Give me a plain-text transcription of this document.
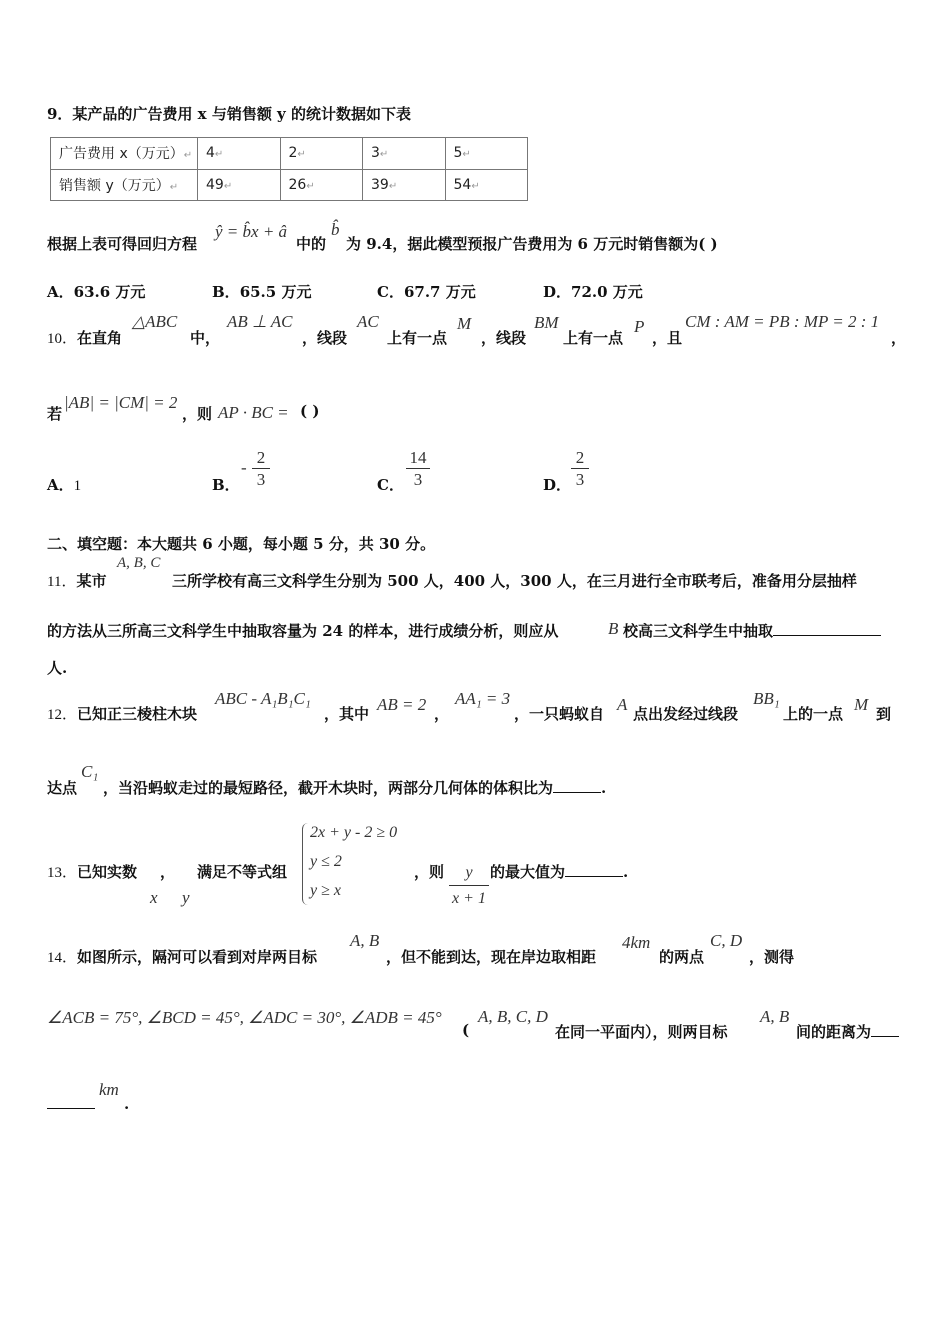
9．某产品的广告费用 x 与销售额 y 的统计数据如下表
广告费用 x（万元）↵	4↵	2↵	3↵	5↵
销售额 y（万元）↵	49↵	26↵	39↵	54↵
根据上表可得回归方程
ŷ = b̂x + â
中的
b̂
为 9.4，据此模型预报广告费用为 6 万元时销售额为( )
A．63.6 万元	B．65.5 万元	C．67.7 万元	D．72.0 万元
10．在直角
△ABC
中，
AB ⊥ AC
，线段
AC
上有一点
M
，线段
BM
上有一点
P
，且
CM : AM = PB : MP = 2 : 1
，
若
|AB| = |CM| = 2
，则 AP · BC = ( )
A．1	B．
- $\frac{2}{3}$	C． $\frac{14}{3}$	D． $\frac{2}{3}$
二、填空题：本大题共 6 小题，每小题 5 分，共 30 分。
11．某市
A, B, C
三所学校有高三文科学生分别为 500 人，400 人，300 人，在三月进行全市联考后，准备用分层抽样
的方法从三所高三文科学生中抽取容量为 24 的样本，进行成绩分析，则应从	B 校高三文科学生中抽取
人.
12．已知正三棱柱木块
ABC - A₁B₁C₁
，其中 AB = 2 ，
AA₁ = 3
，一只蚂蚁自 A 点出发经过线段
BB₁
上的一点 M 到
达点
C₁
，当沿蚂蚁走过的最短路径，截开木块时，两部分几何体的体积比为	.
13．已知实数 ，
x y
满足不等式组
2x + y - 2 ≥ 0
y ≤ 2
y ≥ x
，则 $\frac{y}{x + 1}$ 的最大值为	.
14．如图所示，隔河可以看到对岸两目标
A, B
，但不能到达，现在岸边取相距
4km
的两点
C, D
，测得
∠ACB = 75°, ∠BCD = 45°, ∠ADC = 30°, ∠ADB = 45°
(
A, B, C, D
在同一平面内），则两目标
A, B
间的距离为
km
.
